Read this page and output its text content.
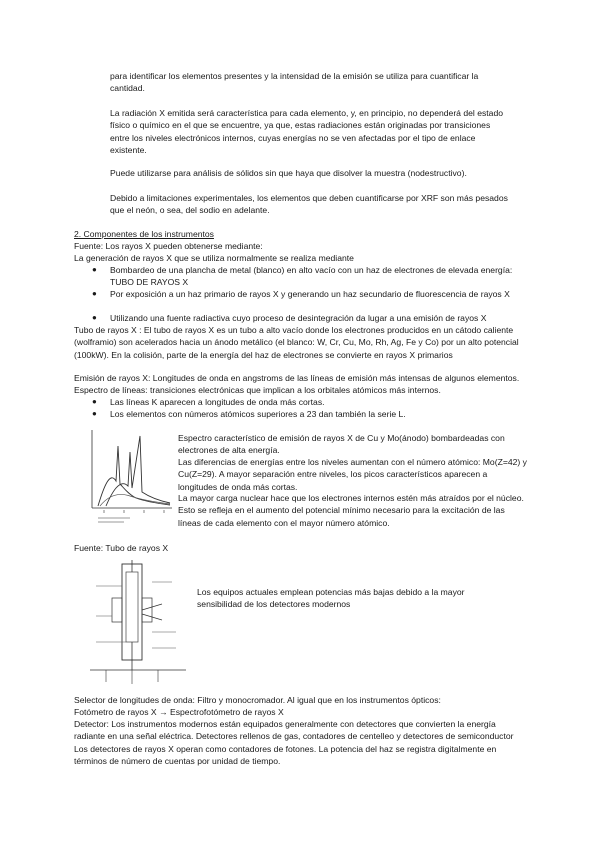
para identificar los elementos presentes y la intensidad de la emisión se utiliza para cuantificar la cantidad.
La radiación X emitida será característica para cada elemento, y, en principio, no dependerá del estado físico o químico en el que se encuentre, ya que, estas radiaciones están originadas por transiciones entre los niveles electrónicos internos, cuyas energías no se ven afectadas por el tipo de enlace existente.
Puede utilizarse para análisis de sólidos sin que haya que disolver la muestra (nodestructivo).
Debido a limitaciones experimentales, los elementos que deben cuantificarse por XRF son más pesados que el neón, o sea, del sodio en adelante.
2. Componentes de los instrumentos
Fuente: Los rayos X pueden obtenerse mediante:
La generación de rayos X que se utiliza normalmente se realiza mediante
●	Bombardeo de una plancha de metal (blanco) en alto vacío con un haz de electrones de elevada energía: TUBO DE RAYOS X
●	Por exposición a un haz primario de rayos X y generando un haz secundario de fluorescencia de rayos X
●	Utilizando una fuente radiactiva cuyo proceso de desintegración da lugar a una emisión de rayos X
Tubo de rayos X : El tubo de rayos X es un tubo a alto vacío donde los electrones producidos en un cátodo caliente (wolframio) son acelerados hacia un ánodo metálico (el blanco: W, Cr, Cu, Mo, Rh, Ag, Fe y Co) por un alto potencial (100kW). En la colisión, parte de la energía del haz de electrones se convierte en rayos X primarios
Emisión de rayos X: Longitudes de onda en angstroms de las líneas de emisión más intensas de algunos elementos. Espectro de líneas: transiciones electrónicas que implican a los orbitales atómicos más internos.
●	Las líneas K aparecen a longitudes de onda más cortas.
●	Los elementos con números atómicos superiores a 23 dan también la serie L.
Espectro característico de emisión de rayos X de Cu y Mo(ánodo) bombardeadas con electrones de alta energía.
Las diferencias de energías entre los niveles aumentan con el número atómico: Mo(Z=42) y Cu(Z=29). A mayor separación entre niveles, los picos característicos aparecen a longitudes de onda más cortas.
La mayor carga nuclear hace que los electrones internos estén más atraídos por el núcleo. Esto se refleja en el aumento del potencial mínimo necesario para la excitación de las líneas de cada elemento con el mayor número atómico.
Fuente: Tubo de rayos X
Los equipos actuales emplean potencias más bajas debido a la mayor sensibilidad de los detectores modernos
Selector de longitudes de onda: Filtro y monocromador. Al igual que en los instrumentos ópticos:
Fotómetro de rayos X → Espectrofotómetro de rayos X
Detector: Los instrumentos modernos están equipados generalmente con detectores que convierten la energía radiante en una señal eléctrica. Detectores rellenos de gas, contadores de centelleo y detectores de semiconductor Los detectores de rayos X operan como contadores de fotones. La potencia del haz se registra digitalmente en términos de número de cuentas por unidad de tiempo.
